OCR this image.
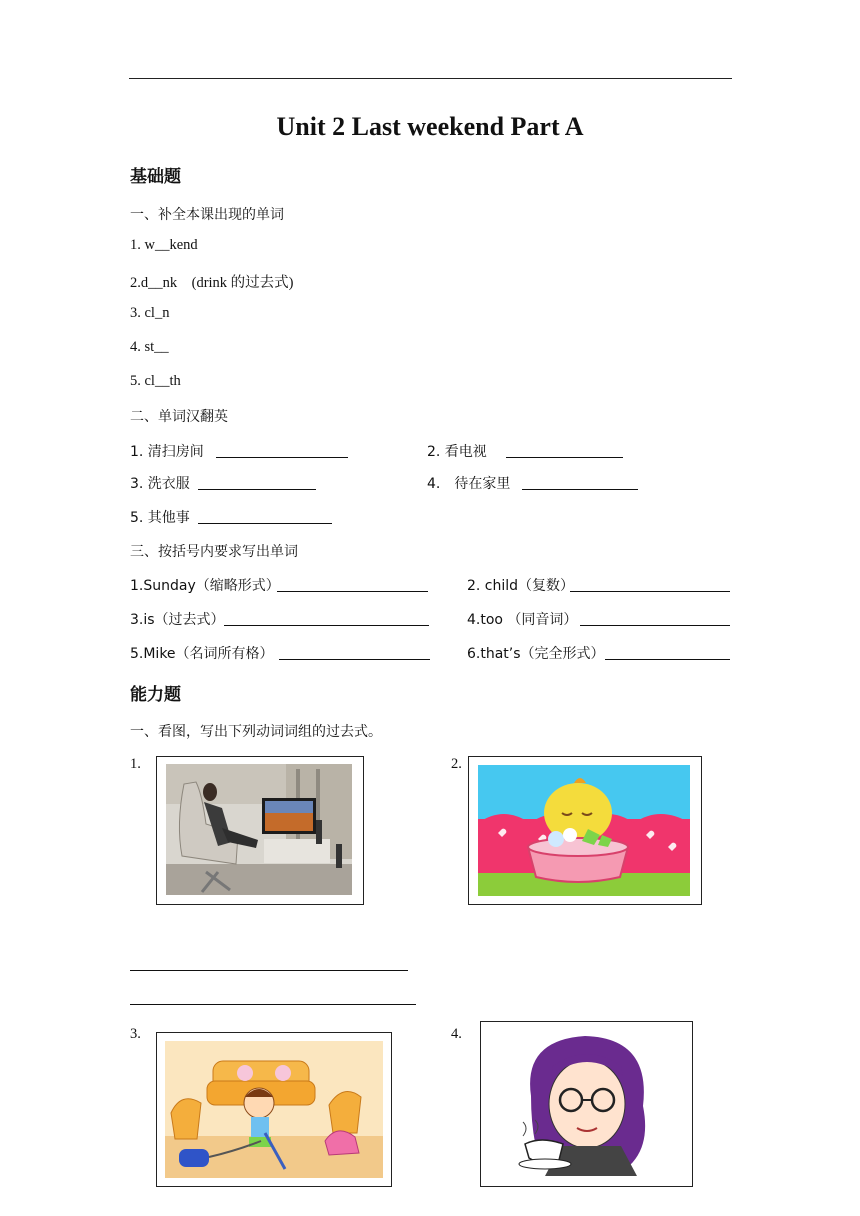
Unit 2 Last weekend Part A
基础题
一、补全本课出现的单词
1. w__kend
2.d__nk　(drink 的过去式)
3. cl_n
4. st__
5. cl__th
二、单词汉翻英
1. 清扫房间	2. 看电视
3. 洗衣服	4.　待在家里
5. 其他事
三、按括号内要求写出单词
1.Sunday（缩略形式）	2. child（复数）
3.is（过去式）	4.too （同音词）
5.Mike（名词所有格）	6.that’s（完全形式）
能力题
一、看图，写出下列动词词组的过去式。
1.	2.
3.	4.
